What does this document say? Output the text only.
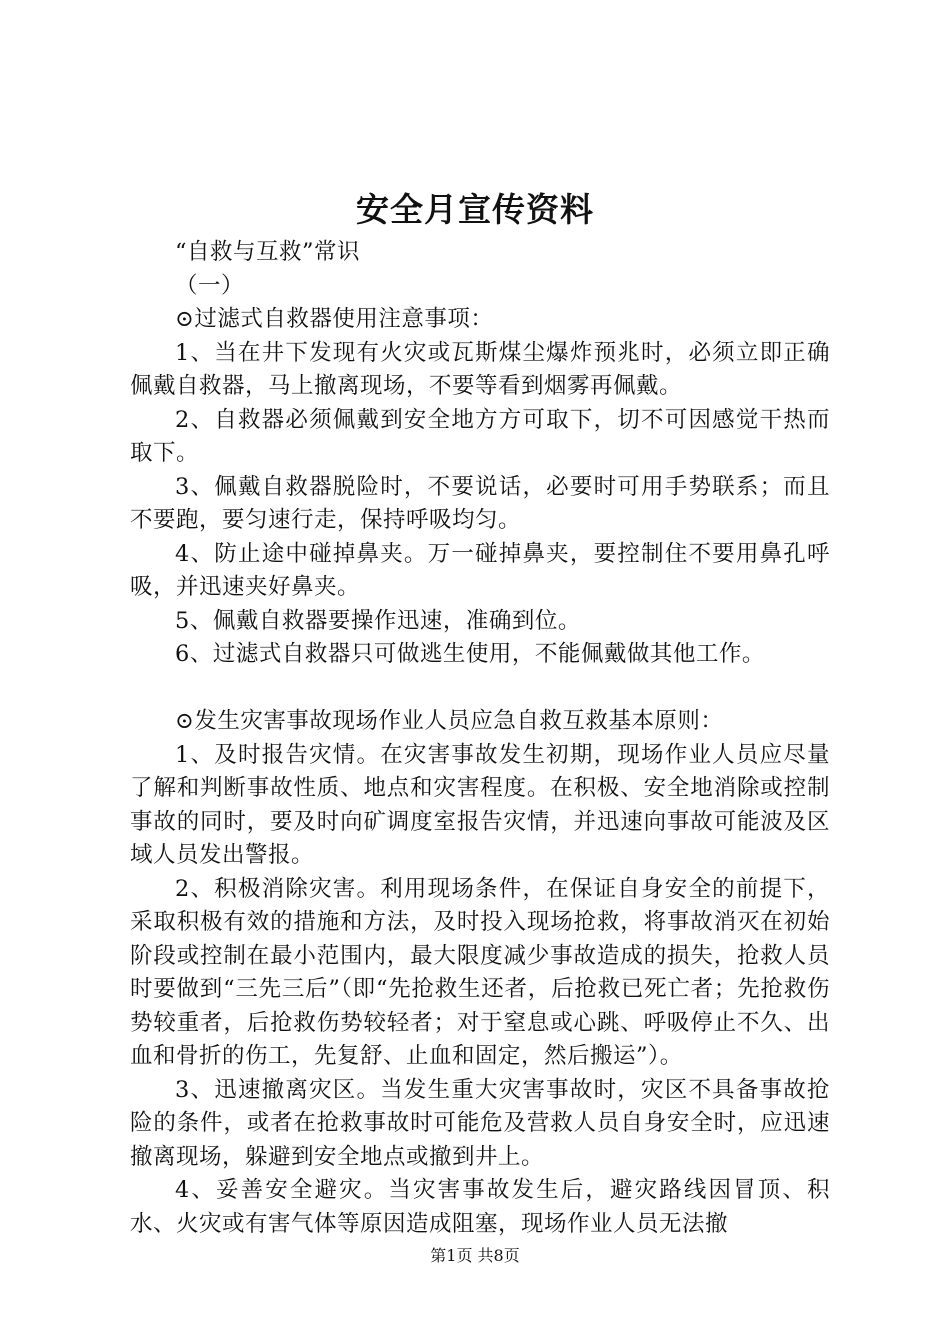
安全月宣传资料

“自救与互救”常识

（一）

⊙过滤式自救器使用注意事项：

1、当在井下发现有火灾或瓦斯煤尘爆炸预兆时，必须立即正确佩戴自救器，马上撤离现场，不要等看到烟雾再佩戴。

2、自救器必须佩戴到安全地方方可取下，切不可因感觉干热而取下。

3、佩戴自救器脱险时，不要说话，必要时可用手势联系；而且不要跑，要匀速行走，保持呼吸均匀。

4、防止途中碰掉鼻夹。万一碰掉鼻夹，要控制住不要用鼻孔呼吸，并迅速夹好鼻夹。

5、佩戴自救器要操作迅速，准确到位。

6、过滤式自救器只可做逃生使用，不能佩戴做其他工作。

⊙发生灾害事故现场作业人员应急自救互救基本原则：

1、及时报告灾情。在灾害事故发生初期，现场作业人员应尽量了解和判断事故性质、地点和灾害程度。在积极、安全地消除或控制事故的同时，要及时向矿调度室报告灾情，并迅速向事故可能波及区域人员发出警报。

2、积极消除灾害。利用现场条件，在保证自身安全的前提下，采取积极有效的措施和方法，及时投入现场抢救，将事故消灭在初始阶段或控制在最小范围内，最大限度减少事故造成的损失，抢救人员时要做到“三先三后”（即“先抢救生还者，后抢救已死亡者；先抢救伤势较重者，后抢救伤势较轻者；对于窒息或心跳、呼吸停止不久、出血和骨折的伤工，先复舒、止血和固定，然后搬运”）。

3、迅速撤离灾区。当发生重大灾害事故时，灾区不具备事故抢险的条件，或者在抢救事故时可能危及营救人员自身安全时，应迅速撤离现场，躲避到安全地点或撤到井上。

4、妥善安全避灾。当灾害事故发生后，避灾路线因冒顶、积水、火灾或有害气体等原因造成阻塞，现场作业人员无法撤

第1页 共8页
